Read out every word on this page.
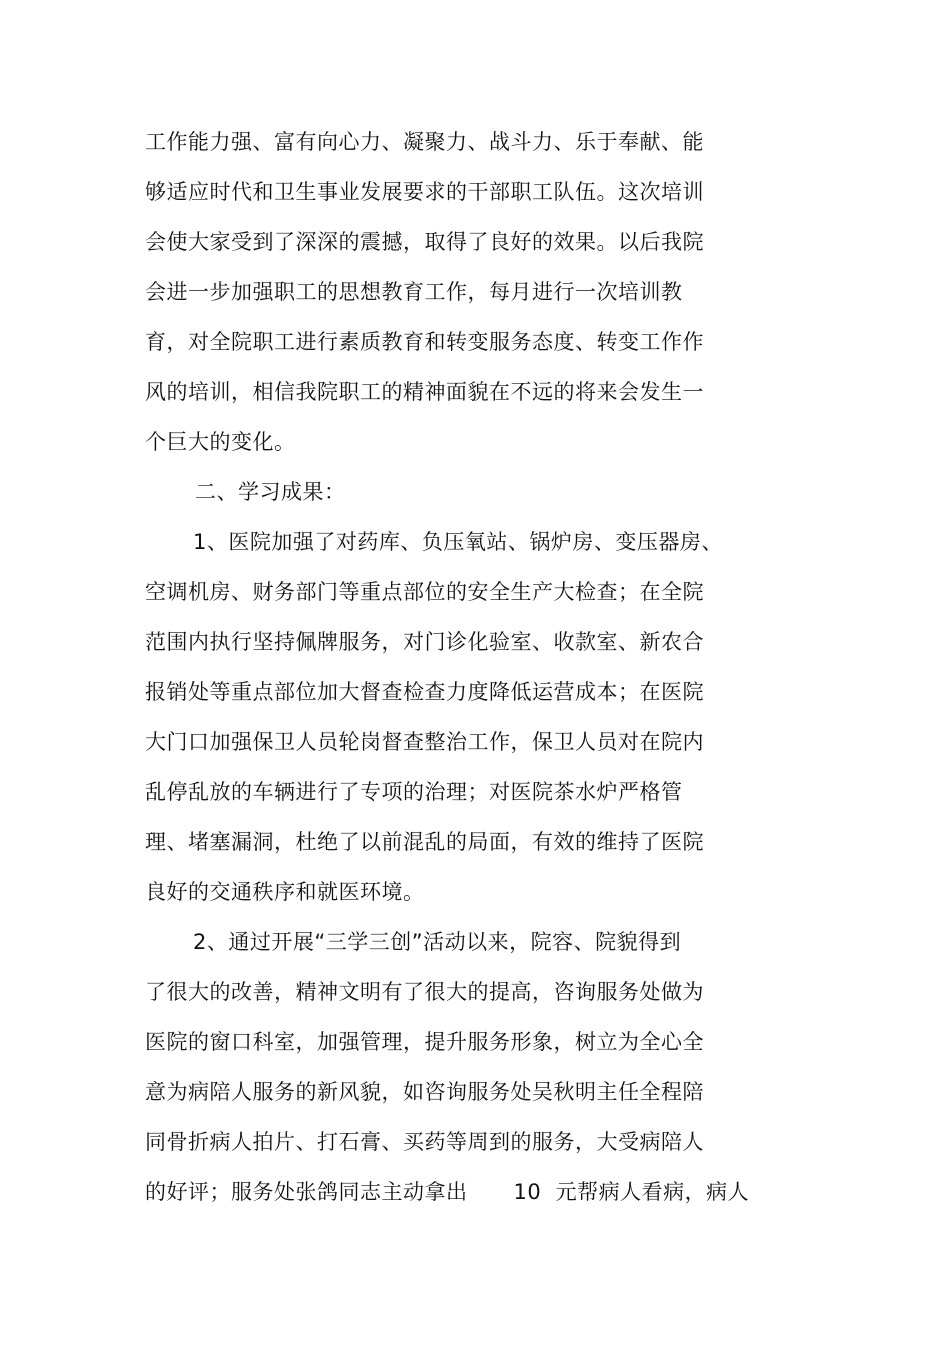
工作能力强、富有向心力、凝聚力、战斗力、乐于奉献、能
够适应时代和卫生事业发展要求的干部职工队伍。这次培训
会使大家受到了深深的震撼，取得了良好的效果。以后我院
会进一步加强职工的思想教育工作，每月进行一次培训教
育，对全院职工进行素质教育和转变服务态度、转变工作作
风的培训，相信我院职工的精神面貌在不远的将来会发生一
个巨大的变化。
二、学习成果：
1、医院加强了对药库、负压氧站、锅炉房、变压器房、
空调机房、财务部门等重点部位的安全生产大检查；在全院
范围内执行坚持佩牌服务，对门诊化验室、收款室、新农合
报销处等重点部位加大督查检查力度降低运营成本；在医院
大门口加强保卫人员轮岗督查整治工作，保卫人员对在院内
乱停乱放的车辆进行了专项的治理；对医院茶水炉严格管
理、堵塞漏洞，杜绝了以前混乱的局面，有效的维持了医院
良好的交通秩序和就医环境。
2、通过开展“三学三创”活动以来，院容、院貌得到
了很大的改善，精神文明有了很大的提高，咨询服务处做为
医院的窗口科室，加强管理，提升服务形象，树立为全心全
意为病陪人服务的新风貌，如咨询服务处吴秋明主任全程陪
同骨折病人拍片、打石膏、买药等周到的服务，大受病陪人
的好评；服务处张鸽同志主动拿出 10 元帮病人看病，病人
